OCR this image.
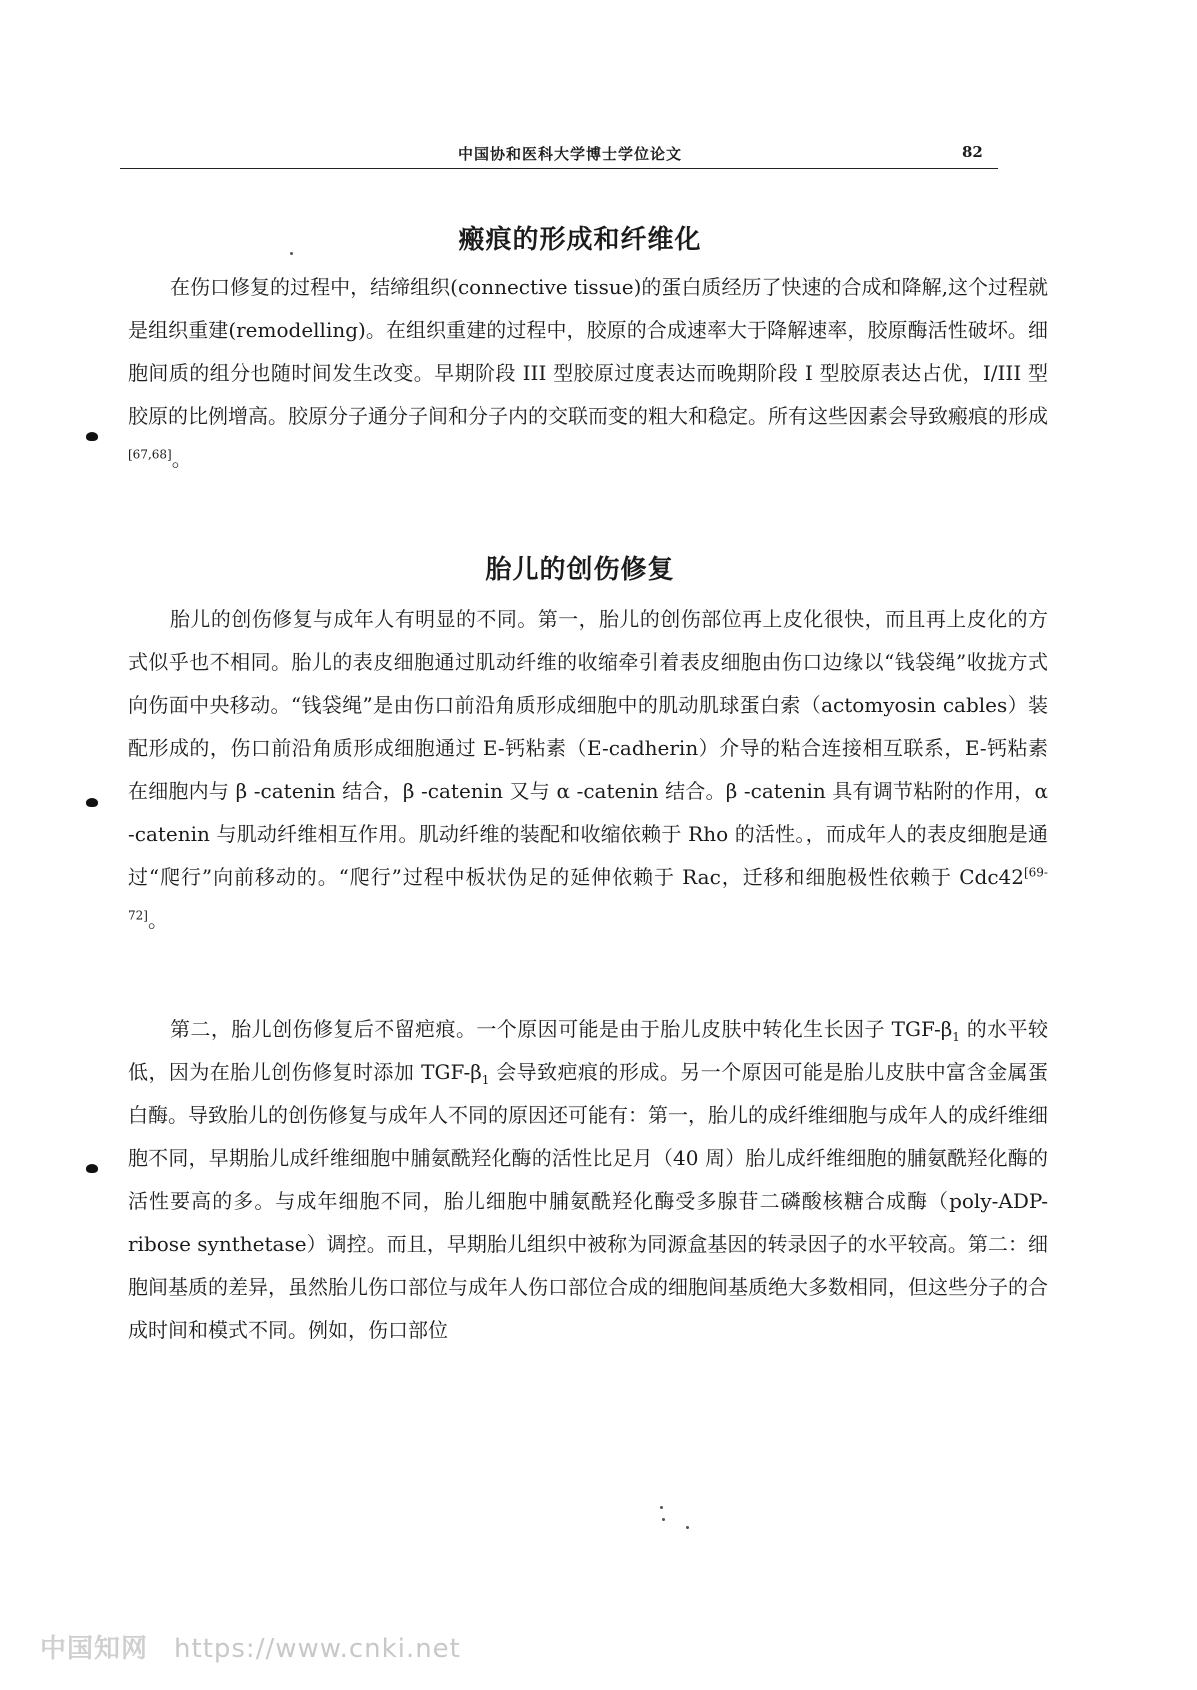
中国协和医科大学博士学位论文	82
瘢痕的形成和纤维化

在伤口修复的过程中，结缔组织(connective tissue)的蛋白质经历了快速的合成和降解,这个过程就是组织重建(remodelling)。在组织重建的过程中，胶原的合成速率大于降解速率，胶原酶活性破坏。细胞间质的组分也随时间发生改变。早期阶段 III 型胶原过度表达而晚期阶段 I 型胶原表达占优，I/III 型胶原的比例增高。胶原分子通分子间和分子内的交联而变的粗大和稳定。所有这些因素会导致瘢痕的形成[67,68]。

胎儿的创伤修复

胎儿的创伤修复与成年人有明显的不同。第一，胎儿的创伤部位再上皮化很快，而且再上皮化的方式似乎也不相同。胎儿的表皮细胞通过肌动纤维的收缩牵引着表皮细胞由伤口边缘以“钱袋绳”收拢方式向伤面中央移动。“钱袋绳”是由伤口前沿角质形成细胞中的肌动肌球蛋白索（actomyosin cables）装配形成的，伤口前沿角质形成细胞通过 E-钙粘素（E-cadherin）介导的粘合连接相互联系，E-钙粘素在细胞内与 β -catenin 结合，β -catenin 又与 α -catenin 结合。β -catenin 具有调节粘附的作用，α -catenin 与肌动纤维相互作用。肌动纤维的装配和收缩依赖于 Rho 的活性。，而成年人的表皮细胞是通过“爬行”向前移动的。“爬行”过程中板状伪足的延伸依赖于 Rac，迁移和细胞极性依赖于 Cdc42[69-72]。

第二，胎儿创伤修复后不留疤痕。一个原因可能是由于胎儿皮肤中转化生长因子 TGF-$\beta_1$ 的水平较低，因为在胎儿创伤修复时添加 TGF-$\beta_1$ 会导致疤痕的形成。另一个原因可能是胎儿皮肤中富含金属蛋白酶。导致胎儿的创伤修复与成年人不同的原因还可能有：第一，胎儿的成纤维细胞与成年人的成纤维细胞不同，早期胎儿成纤维细胞中脯氨酰羟化酶的活性比足月（40 周）胎儿成纤维细胞的脯氨酰羟化酶的活性要高的多。与成年细胞不同，胎儿细胞中脯氨酰羟化酶受多腺苷二磷酸核糖合成酶（poly-ADP-ribose synthetase）调控。而且，早期胎儿组织中被称为同源盒基因的转录因子的水平较高。第二：细胞间基质的差异，虽然胎儿伤口部位与成年人伤口部位合成的细胞间基质绝大多数相同，但这些分子的合成时间和模式不同。例如，伤口部位

中国知网 https://www.cnki.net
